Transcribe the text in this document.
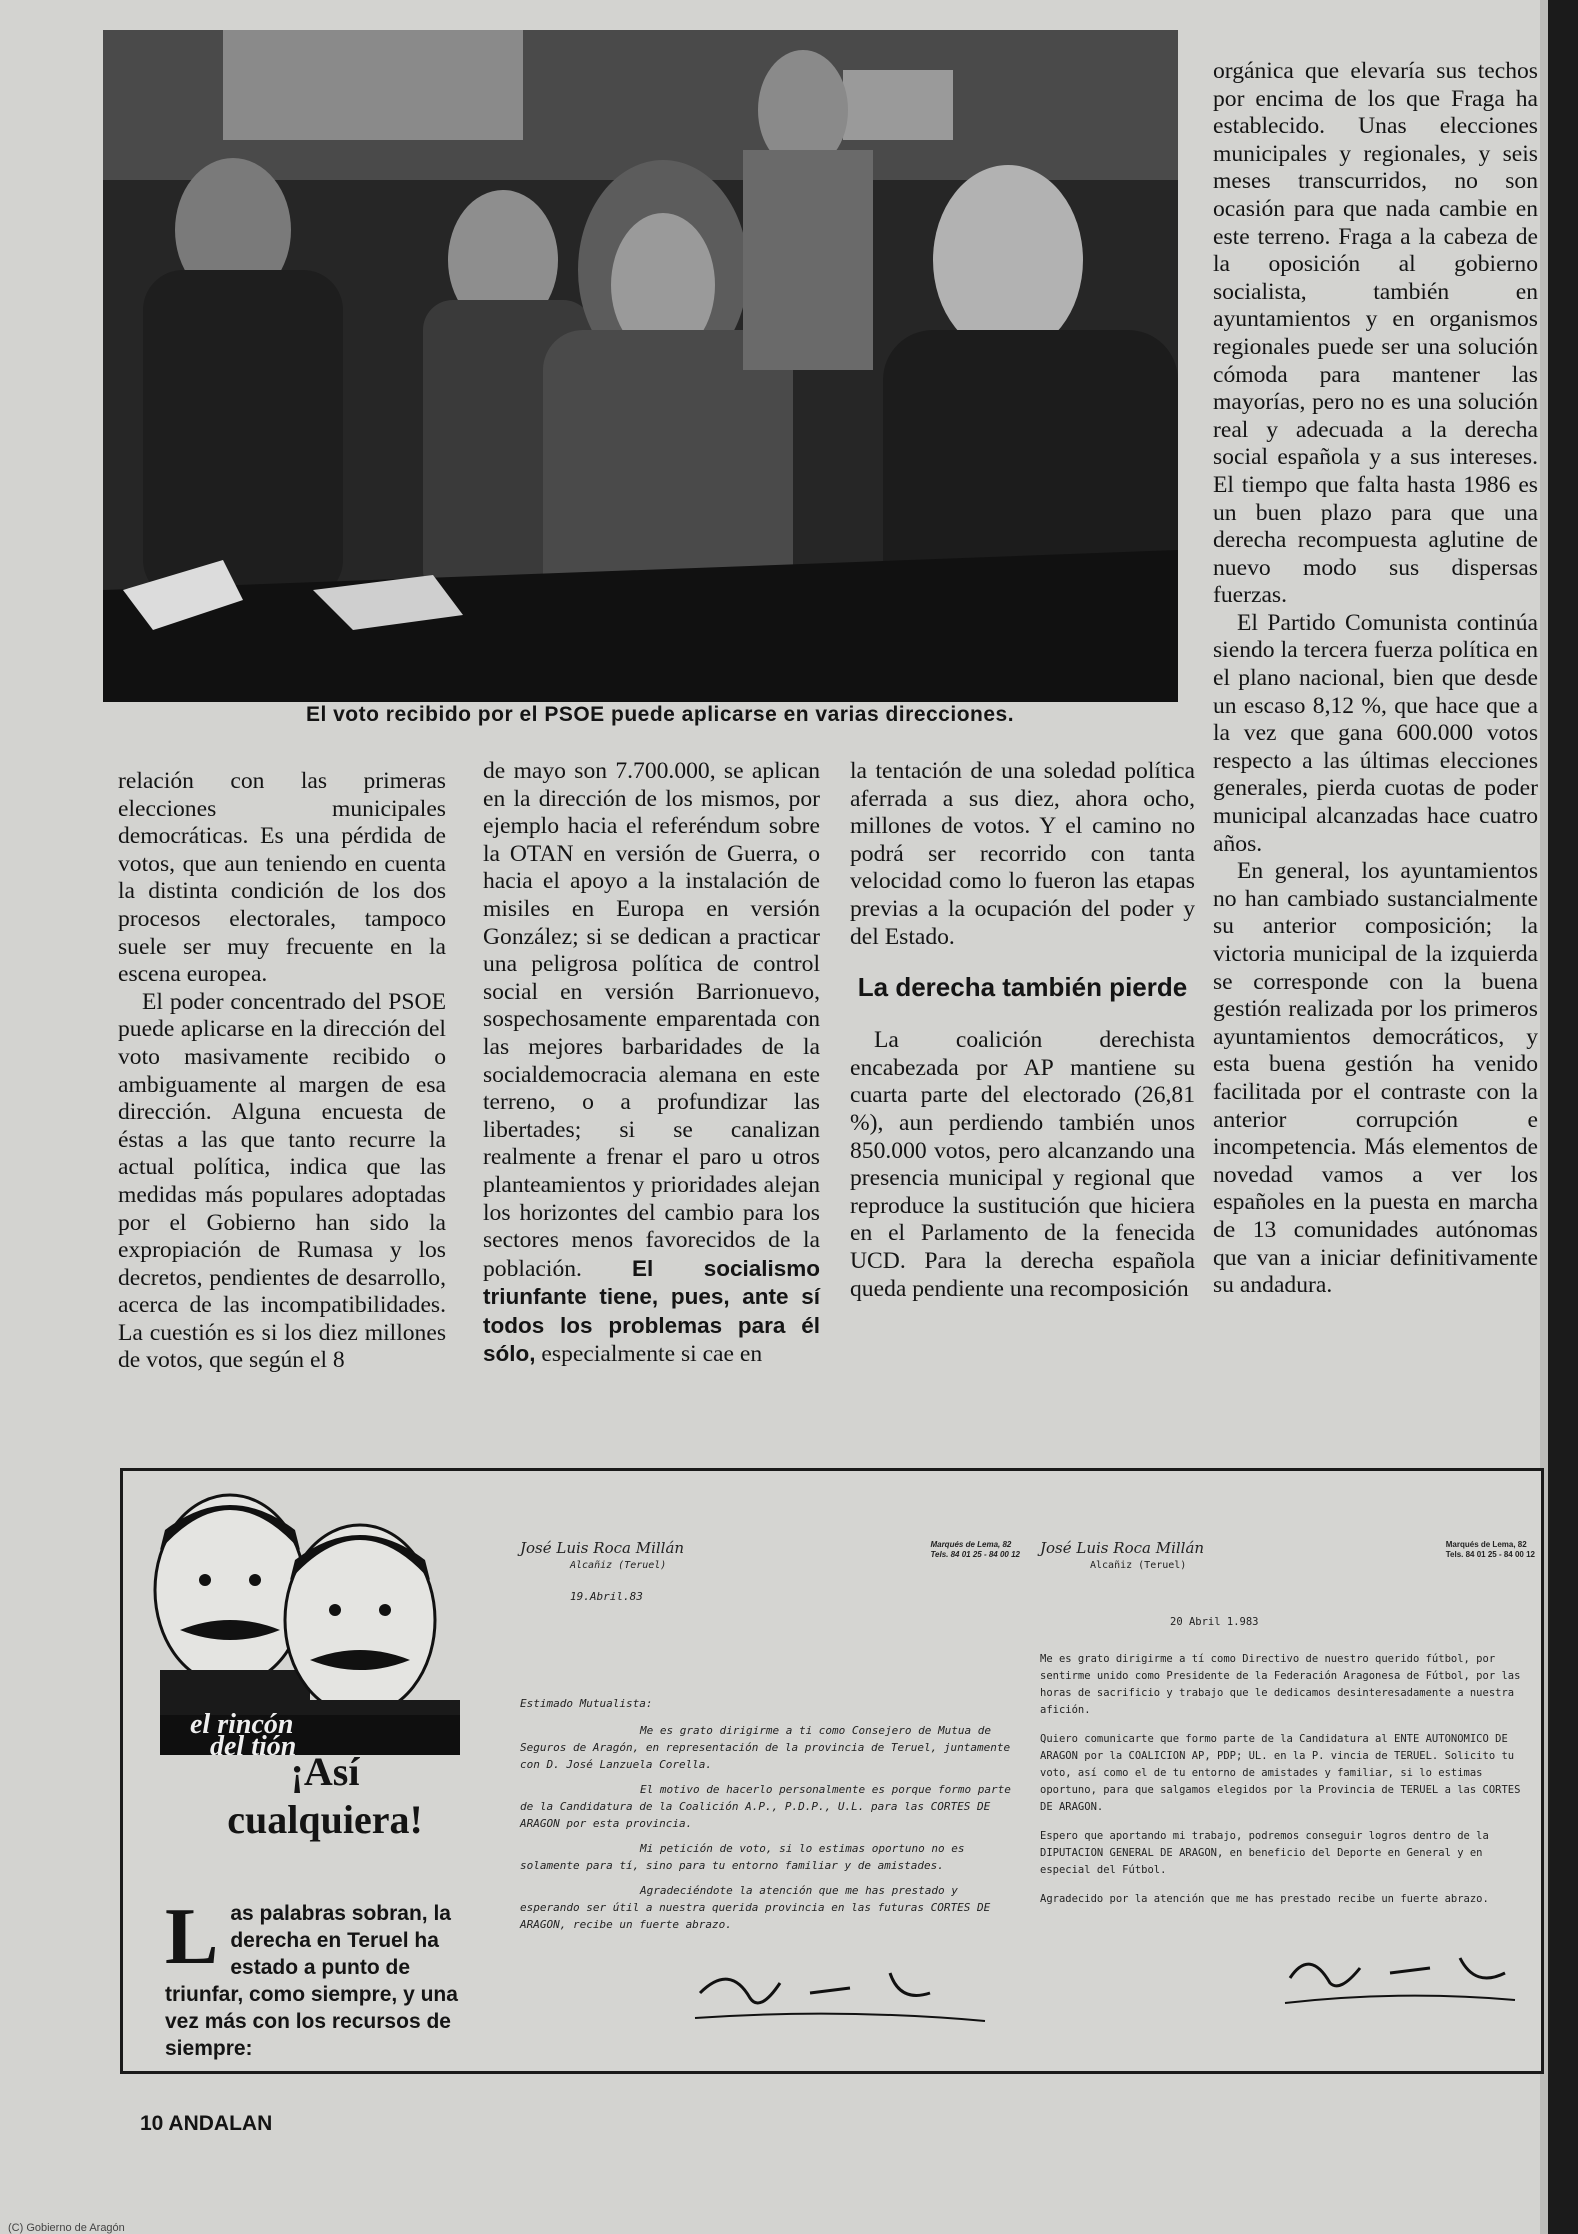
El voto recibido por el PSOE puede aplicarse en varias direcciones.

relación con las primeras elecciones municipales democráticas. Es una pérdida de votos, que aun teniendo en cuenta la distinta condición de los dos procesos electorales, tampoco suele ser muy frecuente en la escena europea.

El poder concentrado del PSOE puede aplicarse en la dirección del voto masivamente recibido o ambiguamente al margen de esa dirección. Alguna encuesta de éstas a las que tanto recurre la actual política, indica que las medidas más populares adoptadas por el Gobierno han sido la expropiación de Rumasa y los decretos, pendientes de desarrollo, acerca de las incompatibilidades. La cuestión es si los diez millones de votos, que según el 8

de mayo son 7.700.000, se aplican en la dirección de los mismos, por ejemplo hacia el referéndum sobre la OTAN en versión de Guerra, o hacia el apoyo a la instalación de misiles en Europa en versión González; si se dedican a practicar una peligrosa política de control social en versión Barrionuevo, sospechosamente emparentada con las mejores barbaridades de la socialdemocracia alemana en este terreno, o a profundizar las libertades; si se canalizan realmente a frenar el paro u otros planteamientos y prioridades alejan los horizontes del cambio para los sectores menos favorecidos de la población. El socialismo triunfante tiene, pues, ante sí todos los problemas para él sólo, especialmente si cae en

la tentación de una soledad política aferrada a sus diez, ahora ocho, millones de votos. Y el camino no podrá ser recorrido con tanta velocidad como lo fueron las etapas previas a la ocupación del poder y del Estado.

La derecha también pierde

La coalición derechista encabezada por AP mantiene su cuarta parte del electorado (26,81 %), aun perdiendo también unos 850.000 votos, pero alcanzando una presencia municipal y regional que reproduce la sustitución que hiciera en el Parlamento de la fenecida UCD. Para la derecha española queda pendiente una recomposición

orgánica que elevaría sus techos por encima de los que Fraga ha establecido. Unas elecciones municipales y regionales, y seis meses transcurridos, no son ocasión para que nada cambie en este terreno. Fraga a la cabeza de la oposición al gobierno socialista, también en ayuntamientos y en organismos regionales puede ser una solución cómoda para mantener las mayorías, pero no es una solución real y adecuada a la derecha social española y a sus intereses. El tiempo que falta hasta 1986 es un buen plazo para que una derecha recompuesta aglutine de nuevo modo sus dispersas fuerzas.

El Partido Comunista continúa siendo la tercera fuerza política en el plano nacional, bien que desde un escaso 8,12 %, que hace que a la vez que gana 600.000 votos respecto a las últimas elecciones generales, pierda cuotas de poder municipal alcanzadas hace cuatro años.

En general, los ayuntamientos no han cambiado sustancialmente su anterior composición; la victoria municipal de la izquierda se corresponde con la buena gestión realizada por los primeros ayuntamientos democráticos, y esta buena gestión ha venido facilitada por el contraste con la anterior corrupción e incompetencia. Más elementos de novedad vamos a ver los españoles en la puesta en marcha de 13 comunidades autónomas que van a iniciar definitivamente su andadura.

el rincón
del tión
¡Así cualquiera!
Las palabras sobran, la derecha en Teruel ha estado a punto de triunfar, como siempre, y una vez más con los recursos de siempre:
José Luis Roca Millán
Alcañiz (Teruel)
Marqués de Lema, 82
Tels. 84 01 25 - 84 00 12
19.Abril.83
Estimado Mutualista:
Me es grato dirigirme a ti como Consejero de Mutua de Seguros de Aragón, en representación de la provincia de Teruel, juntamente con D. José Lanzuela Corella.
El motivo de hacerlo personalmente es porque formo parte de la Candidatura de la Coalición A.P., P.D.P., U.L. para las CORTES DE ARAGON por esta provincia.
Mi petición de voto, si lo estimas oportuno no es solamente para tí, sino para tu entorno familiar y de amistades.
Agradeciéndote la atención que me has prestado y esperando ser útil a nuestra querida provincia en las futuras CORTES DE ARAGON, recibe un fuerte abrazo.
José Luis Roca Millán
Alcañiz (Teruel)
Marqués de Lema, 82
Tels. 84 01 25 - 84 00 12
20 Abril 1.983
Me es grato dirigirme a tí como Directivo de nuestro querido fútbol, por sentirme unido como Presidente de la Federación Aragonesa de Fútbol, por las horas de sacrificio y trabajo que le dedicamos desinteresadamente a nuestra afición.
Quiero comunicarte que formo parte de la Candidatura al ENTE AUTONOMICO DE ARAGON por la COALICION AP, PDP; UL. en la P. vincia de TERUEL. Solicito tu voto, así como el de tu entorno de amistades y familiar, si lo estimas oportuno, para que salgamos elegidos por la Provincia de TERUEL a las CORTES DE ARAGON.
Espero que aportando mi trabajo, podremos conseguir logros dentro de la DIPUTACION GENERAL DE ARAGON, en beneficio del Deporte en General y en especial del Fútbol.
Agradecido por la atención que me has prestado recibe un fuerte abrazo.
10 ANDALAN
(C) Gobierno de Aragón
